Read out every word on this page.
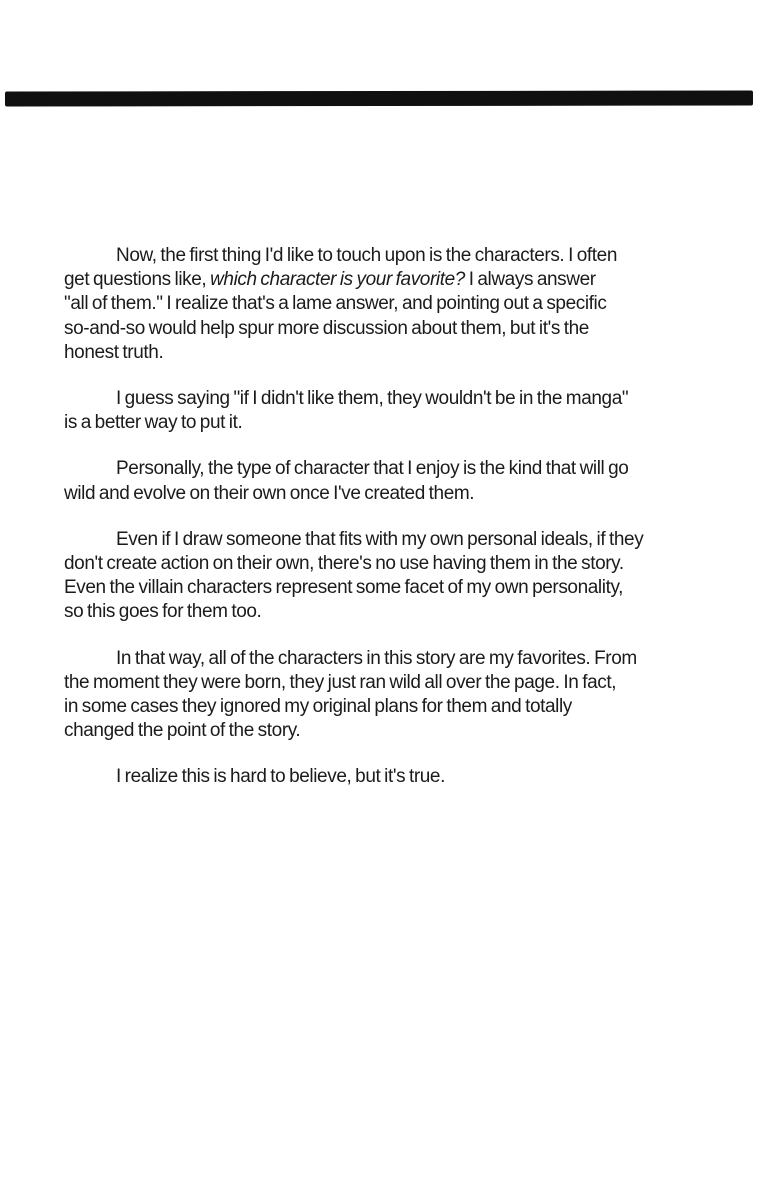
Now, the first thing I'd like to touch upon is the characters. I often
get questions like, which character is your favorite? I always answer
"all of them." I realize that's a lame answer, and pointing out a specific
so-and-so would help spur more discussion about them, but it's the
honest truth.

I guess saying "if I didn't like them, they wouldn't be in the manga"
is a better way to put it.

Personally, the type of character that I enjoy is the kind that will go
wild and evolve on their own once I've created them.

Even if I draw someone that fits with my own personal ideals, if they
don't create action on their own, there's no use having them in the story.
Even the villain characters represent some facet of my own personality,
so this goes for them too.

In that way, all of the characters in this story are my favorites. From
the moment they were born, they just ran wild all over the page. In fact,
in some cases they ignored my original plans for them and totally
changed the point of the story.

I realize this is hard to believe, but it's true.
